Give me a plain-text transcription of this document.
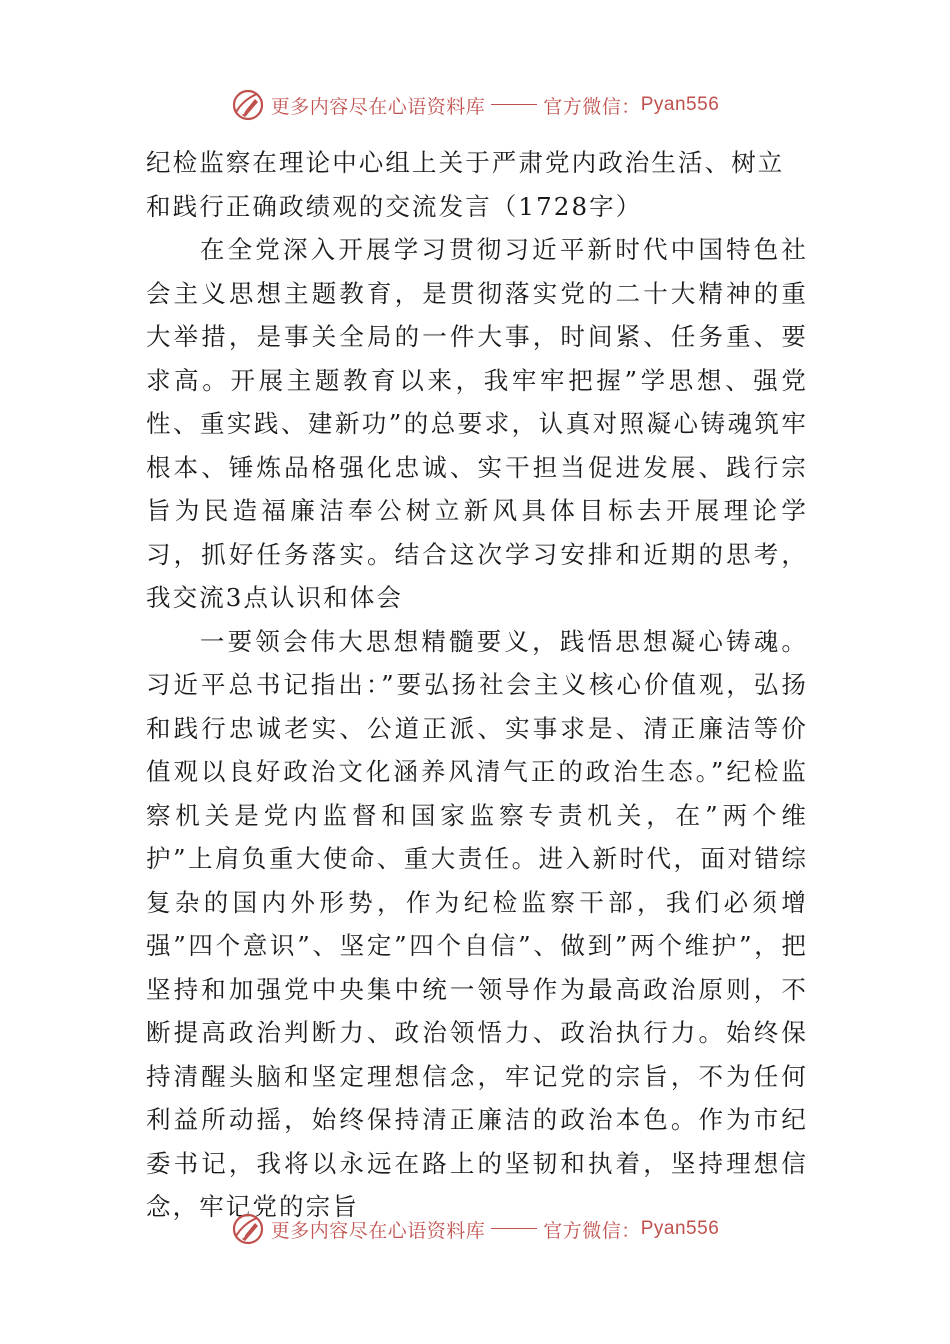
更多内容尽在心语资料库	官方微信： Pyan556
纪检监察在理论中心组上关于严肃党内政治生活、树立和践行正确政绩观的交流发言（1728字）

在全党深入开展学习贯彻习近平新时代中国特色社会主义思想主题教育，是贯彻落实党的二十大精神的重大举措，是事关全局的一件大事，时间紧、任务重、要求高。开展主题教育以来，我牢牢把握”学思想、强党性、重实践、建新功”的总要求，认真对照凝心铸魂筑牢根本、锤炼品格强化忠诚、实干担当促进发展、践行宗旨为民造福廉洁奉公树立新风具体目标去开展理论学习，抓好任务落实。结合这次学习安排和近期的思考，我交流3点认识和体会

一要领会伟大思想精髓要义，践悟思想凝心铸魂。习近平总书记指出：”要弘扬社会主义核心价值观，弘扬和践行忠诚老实、公道正派、实事求是、清正廉洁等价值观以良好政治文化涵养风清气正的政治生态。”纪检监察机关是党内监督和国家监察专责机关，在”两个维护”上肩负重大使命、重大责任。进入新时代，面对错综复杂的国内外形势，作为纪检监察干部，我们必须增强”四个意识”、坚定”四个自信”、做到”两个维护”，把坚持和加强党中央集中统一领导作为最高政治原则，不断提高政治判断力、政治领悟力、政治执行力。始终保持清醒头脑和坚定理想信念，牢记党的宗旨，不为任何利益所动摇，始终保持清正廉洁的政治本色。作为市纪委书记，我将以永远在路上的坚韧和执着，坚持理想信念，牢记党的宗旨

更多内容尽在心语资料库	官方微信： Pyan556
